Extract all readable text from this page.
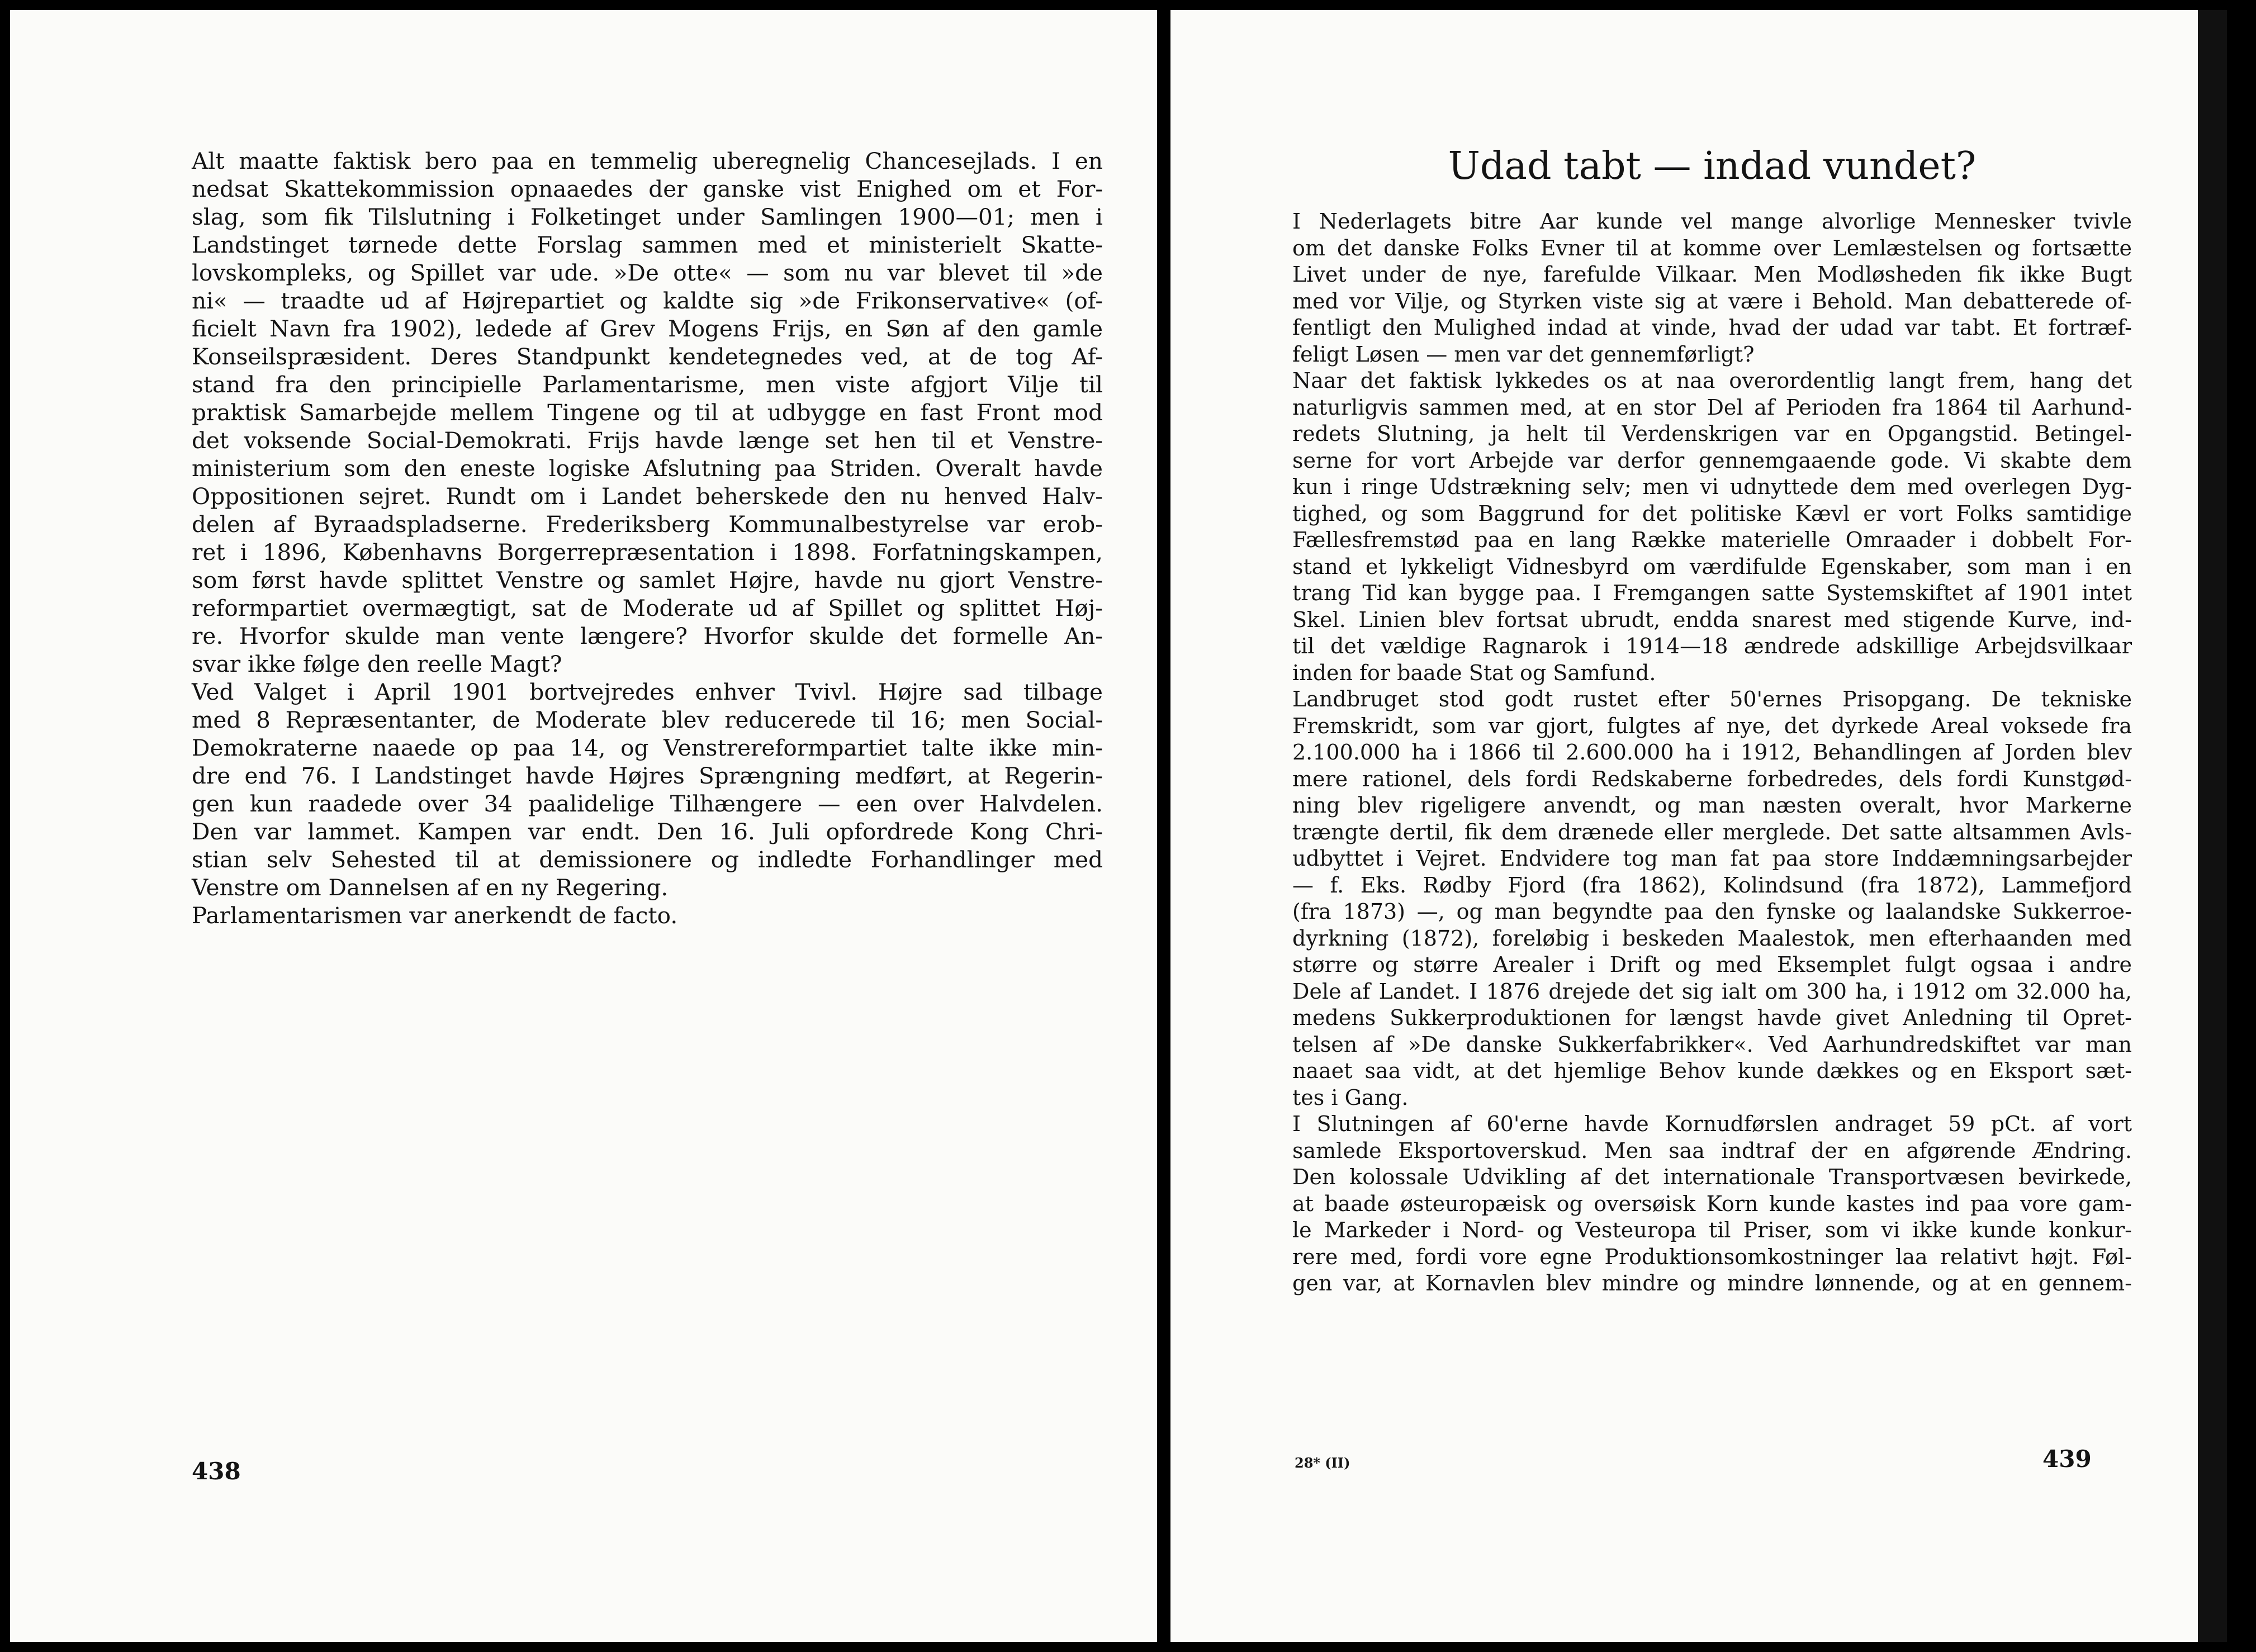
Alt maatte faktisk bero paa en temmelig uberegnelig Chancesejlads. I en
nedsat Skattekommission opnaaedes der ganske vist Enighed om et For-
slag, som fik Tilslutning i Folketinget under Samlingen 1900—01; men i
Landstinget tørnede dette Forslag sammen med et ministerielt Skatte-
lovskompleks, og Spillet var ude. »De otte« — som nu var blevet til »de
ni« — traadte ud af Højrepartiet og kaldte sig »de Frikonservative« (of-
ficielt Navn fra 1902), ledede af Grev Mogens Frijs, en Søn af den gamle
Konseilspræsident. Deres Standpunkt kendetegnedes ved, at de tog Af-
stand fra den principielle Parlamentarisme, men viste afgjort Vilje til
praktisk Samarbejde mellem Tingene og til at udbygge en fast Front mod
det voksende Social-Demokrati. Frijs havde længe set hen til et Venstre-
ministerium som den eneste logiske Afslutning paa Striden. Overalt havde
Oppositionen sejret. Rundt om i Landet beherskede den nu henved Halv-
delen af Byraadspladserne. Frederiksberg Kommunalbestyrelse var erob-
ret i 1896, Københavns Borgerrepræsentation i 1898. Forfatningskampen,
som først havde splittet Venstre og samlet Højre, havde nu gjort Venstre-
reformpartiet overmægtigt, sat de Moderate ud af Spillet og splittet Høj-
re. Hvorfor skulde man vente længere? Hvorfor skulde det formelle An-
svar ikke følge den reelle Magt?
Ved Valget i April 1901 bortvejredes enhver Tvivl. Højre sad tilbage
med 8 Repræsentanter, de Moderate blev reducerede til 16; men Social-
Demokraterne naaede op paa 14, og Venstrereformpartiet talte ikke min-
dre end 76. I Landstinget havde Højres Sprængning medført, at Regerin-
gen kun raadede over 34 paalidelige Tilhængere — een over Halvdelen.
Den var lammet. Kampen var endt. Den 16. Juli opfordrede Kong Chri-
stian selv Sehested til at demissionere og indledte Forhandlinger med
Venstre om Dannelsen af en ny Regering.
Parlamentarismen var anerkendt de facto.
438
Udad tabt — indad vundet?
I Nederlagets bitre Aar kunde vel mange alvorlige Mennesker tvivle
om det danske Folks Evner til at komme over Lemlæstelsen og fortsætte
Livet under de nye, farefulde Vilkaar. Men Modløsheden fik ikke Bugt
med vor Vilje, og Styrken viste sig at være i Behold. Man debatterede of-
fentligt den Mulighed indad at vinde, hvad der udad var tabt. Et fortræf-
feligt Løsen — men var det gennemførligt?
Naar det faktisk lykkedes os at naa overordentlig langt frem, hang det
naturligvis sammen med, at en stor Del af Perioden fra 1864 til Aarhund-
redets Slutning, ja helt til Verdenskrigen var en Opgangstid. Betingel-
serne for vort Arbejde var derfor gennemgaaende gode. Vi skabte dem
kun i ringe Udstrækning selv; men vi udnyttede dem med overlegen Dyg-
tighed, og som Baggrund for det politiske Kævl er vort Folks samtidige
Fællesfremstød paa en lang Række materielle Omraader i dobbelt For-
stand et lykkeligt Vidnesbyrd om værdifulde Egenskaber, som man i en
trang Tid kan bygge paa. I Fremgangen satte Systemskiftet af 1901 intet
Skel. Linien blev fortsat ubrudt, endda snarest med stigende Kurve, ind-
til det vældige Ragnarok i 1914—18 ændrede adskillige Arbejdsvilkaar
inden for baade Stat og Samfund.
Landbruget stod godt rustet efter 50'ernes Prisopgang. De tekniske
Fremskridt, som var gjort, fulgtes af nye, det dyrkede Areal voksede fra
2.100.000 ha i 1866 til 2.600.000 ha i 1912, Behandlingen af Jorden blev
mere rationel, dels fordi Redskaberne forbedredes, dels fordi Kunstgød-
ning blev rigeligere anvendt, og man næsten overalt, hvor Markerne
trængte dertil, fik dem drænede eller merglede. Det satte altsammen Avls-
udbyttet i Vejret. Endvidere tog man fat paa store Inddæmningsarbejder
— f. Eks. Rødby Fjord (fra 1862), Kolindsund (fra 1872), Lammefjord
(fra 1873) —, og man begyndte paa den fynske og laalandske Sukkerroe-
dyrkning (1872), foreløbig i beskeden Maalestok, men efterhaanden med
større og større Arealer i Drift og med Eksemplet fulgt ogsaa i andre
Dele af Landet. I 1876 drejede det sig ialt om 300 ha, i 1912 om 32.000 ha,
medens Sukkerproduktionen for længst havde givet Anledning til Opret-
telsen af »De danske Sukkerfabrikker«. Ved Aarhundredskiftet var man
naaet saa vidt, at det hjemlige Behov kunde dækkes og en Eksport sæt-
tes i Gang.
I Slutningen af 60'erne havde Kornudførslen andraget 59 pCt. af vort
samlede Eksportoverskud. Men saa indtraf der en afgørende Ændring.
Den kolossale Udvikling af det internationale Transportvæsen bevirkede,
at baade østeuropæisk og oversøisk Korn kunde kastes ind paa vore gam-
le Markeder i Nord- og Vesteuropa til Priser, som vi ikke kunde konkur-
rere med, fordi vore egne Produktionsomkostninger laa relativt højt. Føl-
gen var, at Kornavlen blev mindre og mindre lønnende, og at en gennem-
28* (II)	439
